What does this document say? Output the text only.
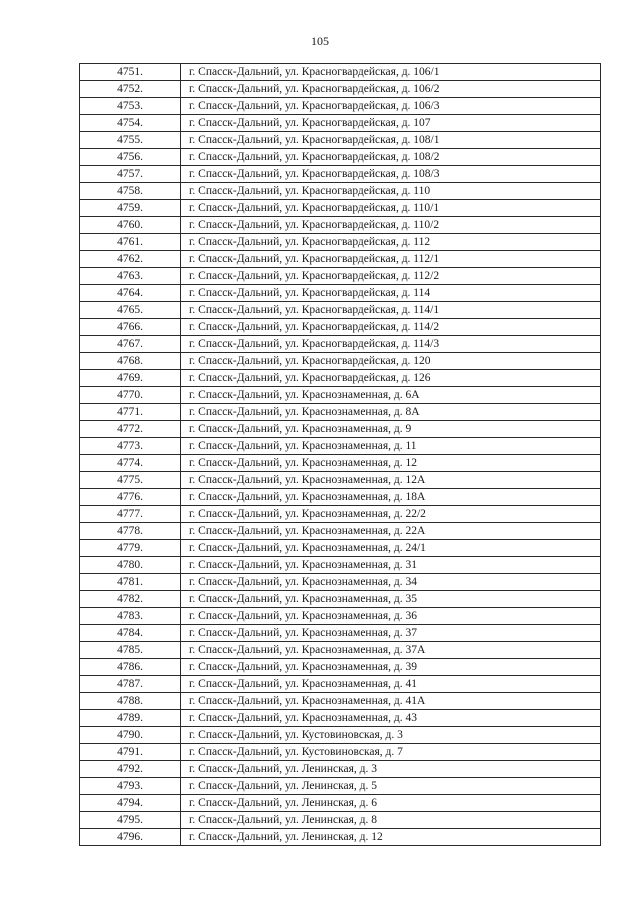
105
4751.	г. Спасск-Дальний, ул. Красногвардейская, д. 106/1
4752.	г. Спасск-Дальний, ул. Красногвардейская, д. 106/2
4753.	г. Спасск-Дальний, ул. Красногвардейская, д. 106/3
4754.	г. Спасск-Дальний, ул. Красногвардейская, д. 107
4755.	г. Спасск-Дальний, ул. Красногвардейская, д. 108/1
4756.	г. Спасск-Дальний, ул. Красногвардейская, д. 108/2
4757.	г. Спасск-Дальний, ул. Красногвардейская, д. 108/3
4758.	г. Спасск-Дальний, ул. Красногвардейская, д. 110
4759.	г. Спасск-Дальний, ул. Красногвардейская, д. 110/1
4760.	г. Спасск-Дальний, ул. Красногвардейская, д. 110/2
4761.	г. Спасск-Дальний, ул. Красногвардейская, д. 112
4762.	г. Спасск-Дальний, ул. Красногвардейская, д. 112/1
4763.	г. Спасск-Дальний, ул. Красногвардейская, д. 112/2
4764.	г. Спасск-Дальний, ул. Красногвардейская, д. 114
4765.	г. Спасск-Дальний, ул. Красногвардейская, д. 114/1
4766.	г. Спасск-Дальний, ул. Красногвардейская, д. 114/2
4767.	г. Спасск-Дальний, ул. Красногвардейская, д. 114/3
4768.	г. Спасск-Дальний, ул. Красногвардейская, д. 120
4769.	г. Спасск-Дальний, ул. Красногвардейская, д. 126
4770.	г. Спасск-Дальний, ул. Краснознаменная, д. 6А
4771.	г. Спасск-Дальний, ул. Краснознаменная, д. 8А
4772.	г. Спасск-Дальний, ул. Краснознаменная, д. 9
4773.	г. Спасск-Дальний, ул. Краснознаменная, д. 11
4774.	г. Спасск-Дальний, ул. Краснознаменная, д. 12
4775.	г. Спасск-Дальний, ул. Краснознаменная, д. 12А
4776.	г. Спасск-Дальний, ул. Краснознаменная, д. 18А
4777.	г. Спасск-Дальний, ул. Краснознаменная, д. 22/2
4778.	г. Спасск-Дальний, ул. Краснознаменная, д. 22А
4779.	г. Спасск-Дальний, ул. Краснознаменная, д. 24/1
4780.	г. Спасск-Дальний, ул. Краснознаменная, д. 31
4781.	г. Спасск-Дальний, ул. Краснознаменная, д. 34
4782.	г. Спасск-Дальний, ул. Краснознаменная, д. 35
4783.	г. Спасск-Дальний, ул. Краснознаменная, д. 36
4784.	г. Спасск-Дальний, ул. Краснознаменная, д. 37
4785.	г. Спасск-Дальний, ул. Краснознаменная, д. 37А
4786.	г. Спасск-Дальний, ул. Краснознаменная, д. 39
4787.	г. Спасск-Дальний, ул. Краснознаменная, д. 41
4788.	г. Спасск-Дальний, ул. Краснознаменная, д. 41А
4789.	г. Спасск-Дальний, ул. Краснознаменная, д. 43
4790.	г. Спасск-Дальний, ул. Кустовиновская, д. 3
4791.	г. Спасск-Дальний, ул. Кустовиновская, д. 7
4792.	г. Спасск-Дальний, ул. Ленинская, д. 3
4793.	г. Спасск-Дальний, ул. Ленинская, д. 5
4794.	г. Спасск-Дальний, ул. Ленинская, д. 6
4795.	г. Спасск-Дальний, ул. Ленинская, д. 8
4796.	г. Спасск-Дальний, ул. Ленинская, д. 12
